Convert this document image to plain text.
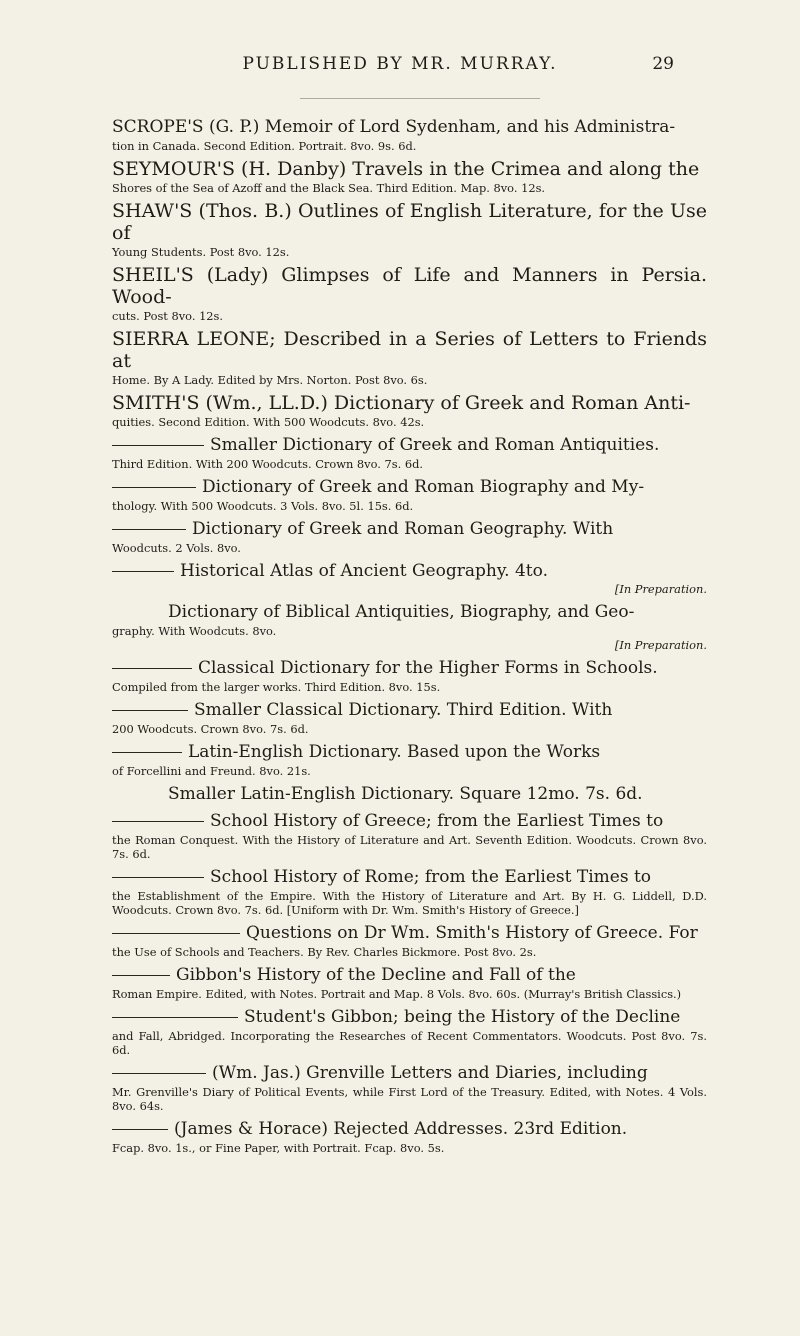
PUBLISHED BY MR. MURRAY.	29

SCROPE'S (G. P.) Memoir of Lord Sydenham, and his Administra-

tion in Canada. Second Edition. Portrait. 8vo. 9s. 6d.

SEYMOUR'S (H. Danby) Travels in the Crimea and along the

Shores of the Sea of Azoff and the Black Sea. Third Edition. Map. 8vo. 12s.

SHAW'S (Thos. B.) Outlines of English Literature, for the Use of

Young Students. Post 8vo. 12s.

SHEIL'S (Lady) Glimpses of Life and Manners in Persia. Wood-

cuts. Post 8vo. 12s.

SIERRA LEONE; Described in a Series of Letters to Friends at

Home. By A Lady. Edited by Mrs. Norton. Post 8vo. 6s.

SMITH'S (Wm., LL.D.) Dictionary of Greek and Roman Anti-

quities. Second Edition. With 500 Woodcuts. 8vo. 42s.

Smaller Dictionary of Greek and Roman Antiquities.

Third Edition. With 200 Woodcuts. Crown 8vo. 7s. 6d.

Dictionary of Greek and Roman Biography and My-

thology. With 500 Woodcuts. 3 Vols. 8vo. 5l. 15s. 6d.

Dictionary of Greek and Roman Geography. With

Woodcuts. 2 Vols. 8vo.

Historical Atlas of Ancient Geography. 4to.

[In Preparation.

Dictionary of Biblical Antiquities, Biography, and Geo-

graphy. With Woodcuts. 8vo.

[In Preparation.

Classical Dictionary for the Higher Forms in Schools.

Compiled from the larger works. Third Edition. 8vo. 15s.

Smaller Classical Dictionary. Third Edition. With

200 Woodcuts. Crown 8vo. 7s. 6d.

Latin-English Dictionary. Based upon the Works

of Forcellini and Freund. 8vo. 21s.

Smaller Latin-English Dictionary. Square 12mo. 7s. 6d.

School History of Greece; from the Earliest Times to

the Roman Conquest. With the History of Literature and Art. Seventh Edition. Woodcuts. Crown 8vo. 7s. 6d.

School History of Rome; from the Earliest Times to

the Establishment of the Empire. With the History of Literature and Art. By H. G. Liddell, D.D. Woodcuts. Crown 8vo. 7s. 6d. [Uniform with Dr. Wm. Smith's History of Greece.]

Questions on Dr Wm. Smith's History of Greece. For

the Use of Schools and Teachers. By Rev. Charles Bickmore. Post 8vo. 2s.

Gibbon's History of the Decline and Fall of the

Roman Empire. Edited, with Notes. Portrait and Map. 8 Vols. 8vo. 60s. (Murray's British Classics.)

Student's Gibbon; being the History of the Decline

and Fall, Abridged. Incorporating the Researches of Recent Commentators. Woodcuts. Post 8vo. 7s. 6d.

(Wm. Jas.) Grenville Letters and Diaries, including

Mr. Grenville's Diary of Political Events, while First Lord of the Treasury. Edited, with Notes. 4 Vols. 8vo. 64s.

(James & Horace) Rejected Addresses. 23rd Edition.

Fcap. 8vo. 1s., or Fine Paper, with Portrait. Fcap. 8vo. 5s.
